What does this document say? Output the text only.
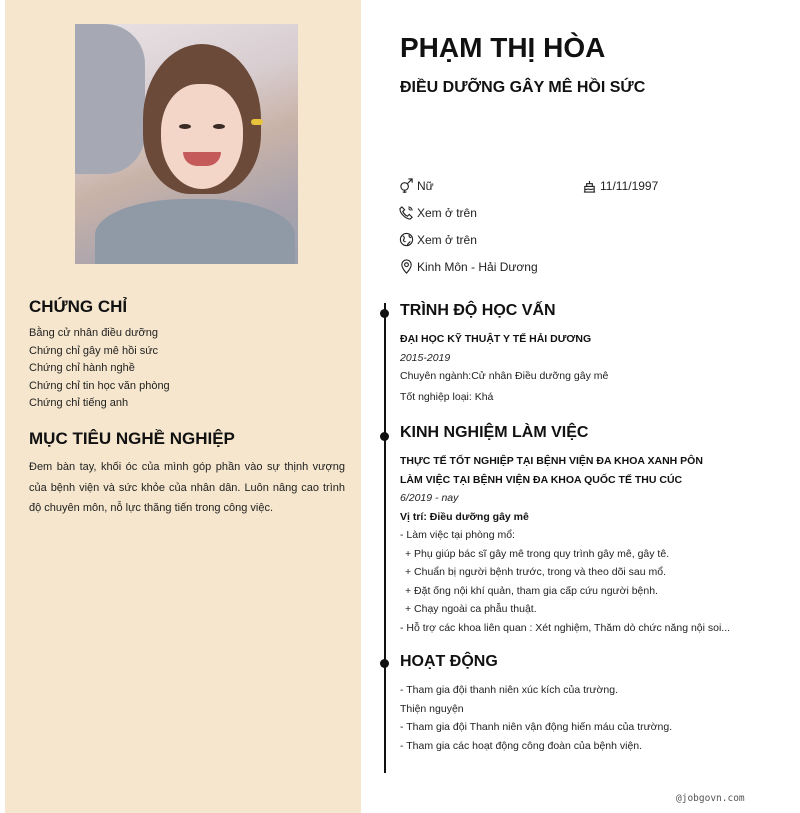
CHỨNG CHỈ
Bằng cử nhân điều dưỡng
Chứng chỉ gây mê hồi sức
Chứng chỉ hành nghề
Chứng chỉ tin học văn phòng
Chứng chỉ tiếng anh
MỤC TIÊU NGHỀ NGHIỆP
Đem bàn tay, khối óc của mình góp phần vào sự thịnh vượng của bệnh viện và sức khỏe của nhân dân. Luôn nâng cao trình độ chuyên môn, nỗ lực thăng tiến trong công việc.
PHẠM THỊ HÒA
ĐIỀU DƯỠNG GÂY MÊ HỒI SỨC
Nữ	11/11/1997
Xem ở trên
Xem ở trên
Kinh Môn - Hải Dương
TRÌNH ĐỘ HỌC VẤN
ĐẠI HỌC KỸ THUẬT Y TẾ HẢI DƯƠNG
2015-2019
Chuyên ngành:Cử nhân Điều dưỡng gây mê
Tốt nghiệp loại: Khá
KINH NGHIỆM LÀM VIỆC
THỰC TẾ TỐT NGHIỆP TẠI BỆNH VIỆN ĐA KHOA XANH PÔN
LÀM VIỆC TẠI BỆNH VIỆN ĐA KHOA QUỐC TẾ THU CÚC
6/2019 - nay
Vị trí: Điều dưỡng gây mê
- Làm việc tại phòng mổ:
+ Phụ giúp bác sĩ gây mê trong quy trình gây mê, gây tê.
+ Chuẩn bị người bệnh trước, trong và theo dõi sau mổ.
+ Đặt ống nội khí quản, tham gia cấp cứu người bệnh.
+ Chạy ngoài ca phẫu thuật.
- Hỗ trợ các khoa liên quan : Xét nghiệm, Thăm dò chức năng nội soi...
HOẠT ĐỘNG
- Tham gia đội thanh niên xúc kích của trường.
Thiện nguyện
- Tham gia đội Thanh niên vận động hiến máu của trường.
- Tham gia các hoạt động công đoàn của bệnh viện.
@jobgovn.com
